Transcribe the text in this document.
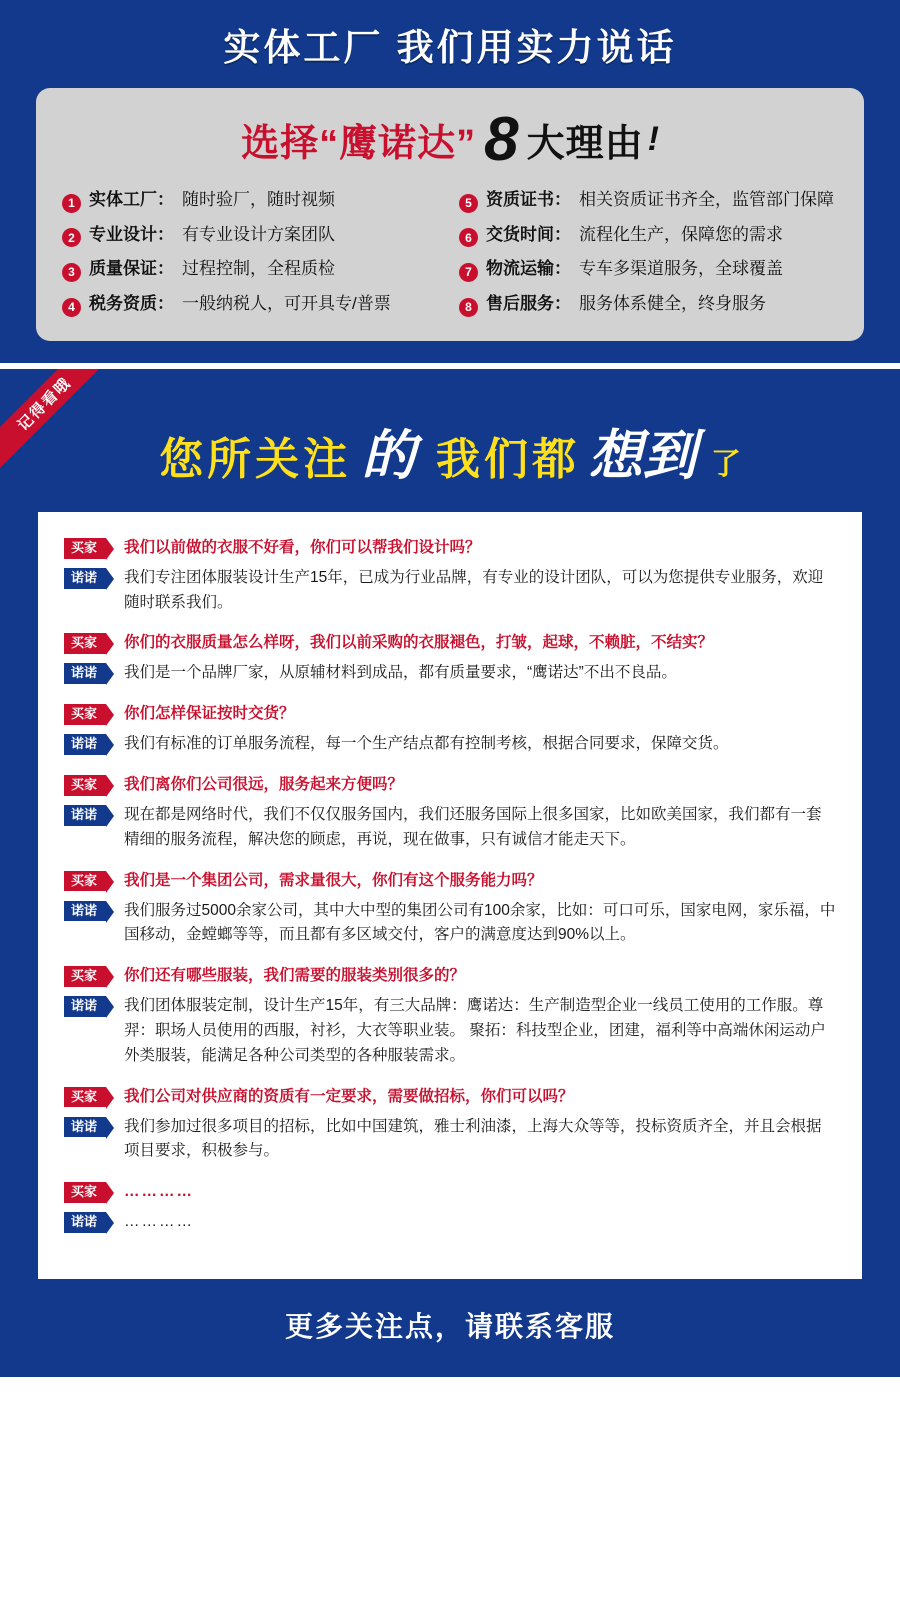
实体工厂 我们用实力说话
选择“鹰诺达” 8 大理由 !
1 实体工厂： 随时验厂，随时视频	5 资质证书： 相关资质证书齐全，监管部门保障
2 专业设计： 有专业设计方案团队	6 交货时间： 流程化生产，保障您的需求
3 质量保证： 过程控制，全程质检	7 物流运输： 专车多渠道服务，全球覆盖
4 税务资质： 一般纳税人，可开具专/普票	8 售后服务： 服务体系健全，终身服务
记得看哦
您所关注 的 我们都 想到 了
买家	我们以前做的衣服不好看，你们可以帮我们设计吗？
诺诺	我们专注团体服装设计生产15年，已成为行业品牌，有专业的设计团队，可以为您提供专业服务，欢迎随时联系我们。
买家	你们的衣服质量怎么样呀，我们以前采购的衣服褪色，打皱，起球，不赖脏，不结实？
诺诺	我们是一个品牌厂家，从原辅材料到成品，都有质量要求，“鹰诺达”不出不良品。
买家	你们怎样保证按时交货？
诺诺	我们有标准的订单服务流程，每一个生产结点都有控制考核，根据合同要求，保障交货。
买家	我们离你们公司很远，服务起来方便吗？
诺诺	现在都是网络时代，我们不仅仅服务国内，我们还服务国际上很多国家，比如欧美国家，我们都有一套精细的服务流程，解决您的顾虑，再说，现在做事，只有诚信才能走天下。
买家	我们是一个集团公司，需求量很大，你们有这个服务能力吗？
诺诺	我们服务过5000余家公司，其中大中型的集团公司有100余家，比如：可口可乐，国家电网，家乐福，中国移动，金螳螂等等，而且都有多区域交付，客户的满意度达到90%以上。
买家	你们还有哪些服装，我们需要的服装类别很多的？
诺诺	我们团体服装定制，设计生产15年，有三大品牌：鹰诺达：生产制造型企业一线员工使用的工作服。尊羿：职场人员使用的西服，衬衫，大衣等职业装。 聚拓：科技型企业，团建，福利等中高端休闲运动户外类服装，能满足各种公司类型的各种服装需求。
买家	我们公司对供应商的资质有一定要求，需要做招标，你们可以吗？
诺诺	我们参加过很多项目的招标，比如中国建筑，雅士利油漆，上海大众等等，投标资质齐全，并且会根据项目要求，积极参与。
买家	…………
诺诺	…………
更多关注点，请联系客服
